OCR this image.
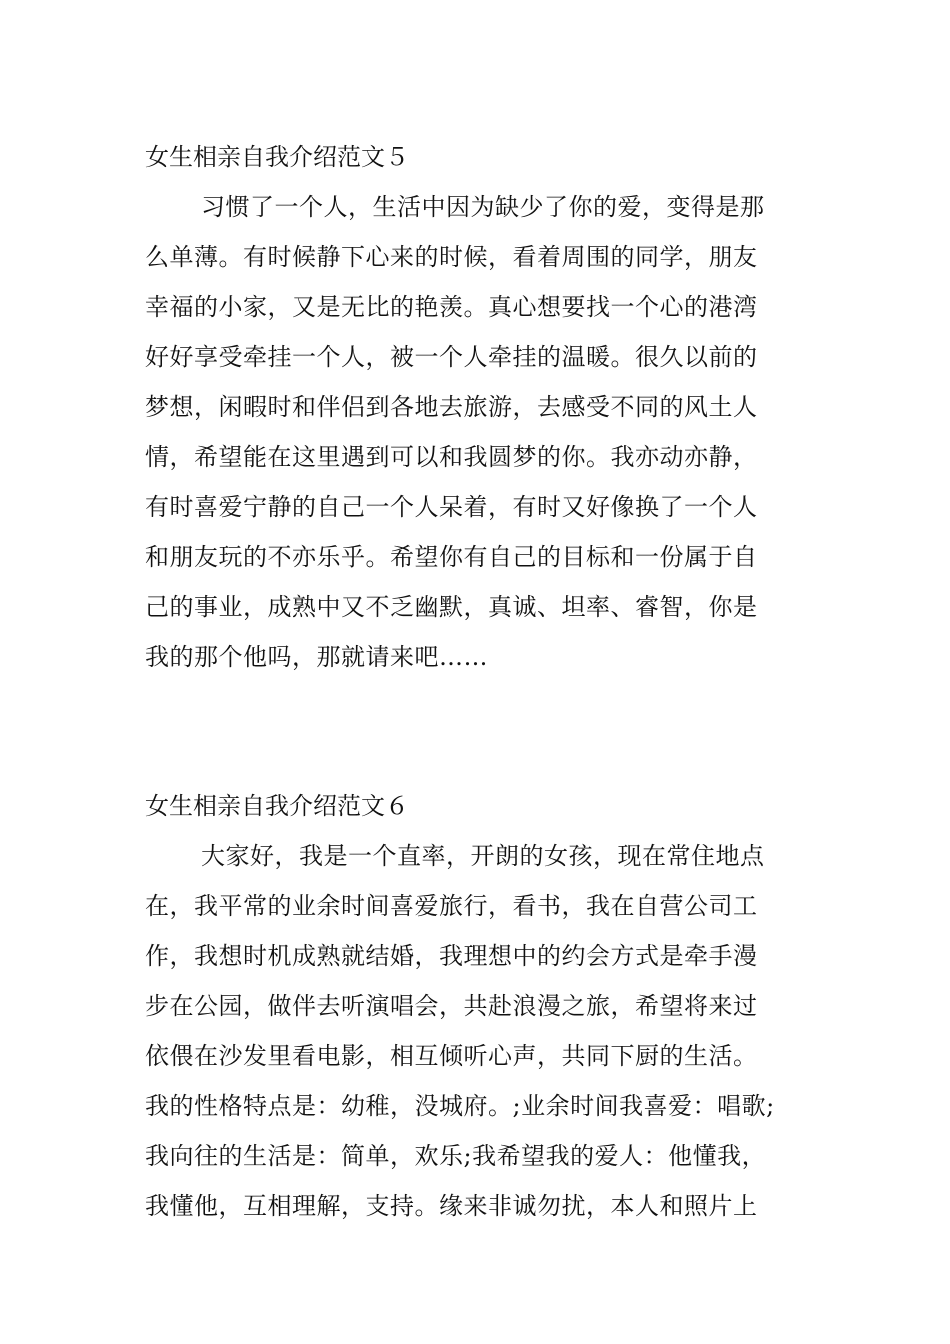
女生相亲自我介绍范文５

习惯了一个人，生活中因为缺少了你的爱，变得是那

么单薄。有时候静下心来的时候，看着周围的同学，朋友

幸福的小家，又是无比的艳羡。真心想要找一个心的港湾

好好享受牵挂一个人，被一个人牵挂的温暖。很久以前的

梦想，闲暇时和伴侣到各地去旅游，去感受不同的风土人

情，希望能在这里遇到可以和我圆梦的你。我亦动亦静，

有时喜爱宁静的自己一个人呆着，有时又好像换了一个人

和朋友玩的不亦乐乎。希望你有自己的目标和一份属于自

己的事业，成熟中又不乏幽默，真诚、坦率、睿智，你是

我的那个他吗，那就请来吧……

女生相亲自我介绍范文６

大家好，我是一个直率，开朗的女孩，现在常住地点

在，我平常的业余时间喜爱旅行，看书，我在自营公司工

作，我想时机成熟就结婚，我理想中的约会方式是牵手漫

步在公园，做伴去听演唱会，共赴浪漫之旅，希望将来过

依偎在沙发里看电影，相互倾听心声，共同下厨的生活。

我的性格特点是：幼稚，没城府。;业余时间我喜爱：唱歌;

我向往的生活是：简单，欢乐;我希望我的爱人：他懂我，

我懂他，互相理解，支持。缘来非诚勿扰，本人和照片上
